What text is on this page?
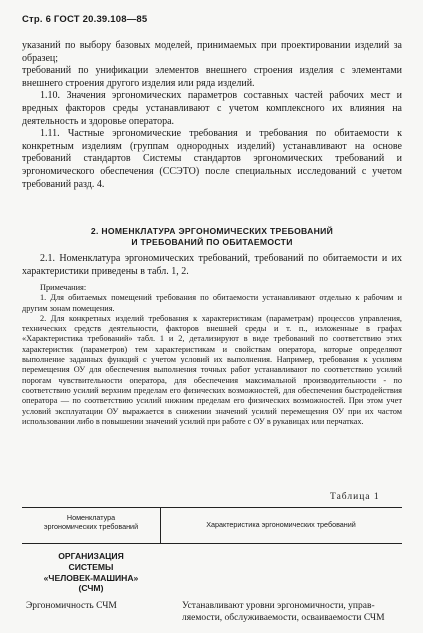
Стр. 6 ГОСТ 20.39.108—85

указаний по выбору базовых моделей, принимаемых при проектировании изделий за образец;

требований по унификации элементов внешнего строения изделия с элементами внешнего строения другого изделия или ряда изделий.

1.10. Значения эргономических параметров составных частей рабочих мест и вредных факторов среды устанавливают с учетом комплексного их влияния на деятельность и здоровье оператора.

1.11. Частные эргономические требования и требования по обитаемости к конкретным изделиям (группам однородных изделий) устанавливают на основе требований стандартов Системы стандартов эргономических требований и эргономического обеспечения (ССЭТО) после специальных исследований с учетом требований разд. 4.

2. НОМЕНКЛАТУРА ЭРГОНОМИЧЕСКИХ ТРЕБОВАНИЙ
И ТРЕБОВАНИЙ ПО ОБИТАЕМОСТИ

2.1. Номенклатура эргономических требований, требований по обитаемости и их характеристики приведены в табл. 1, 2.

Примечания:

1. Для обитаемых помещений требования по обитаемости устанавливают отдельно к рабочим и другим зонам помещения.

2. Для конкретных изделий требования к характеристикам (параметрам) процессов управления, технических средств деятельности, факторов внешней среды и т. п., изложенные в графах «Характеристика требований» табл. 1 и 2, детализируют в виде требований по соответствию этих характеристик (параметров) тем характеристикам и свойствам оператора, которые определяют выполнение заданных функций с учетом условий их выполнения. Например, требования к усилиям перемещения ОУ для обеспечения выполнения точных работ устанавливают по соответствию усилий порогам чувствительности оператора, для обеспечения максимальной производительности - по соответствию усилий верхним пределам его физических возможностей, для обеспечения быстродействия оператора — по соответствию усилий нижним пределам его физических возможностей. При этом учет условий эксплуатации ОУ выражается в снижении значений усилий перемещения ОУ при их частом использовании либо в повышении значений усилий при работе с ОУ в рукавицах или перчатках.

Таблица 1
Номенклатура
эргономических требований	Характеристика эргономических требований
ОРГАНИЗАЦИЯ
СИСТЕМЫ
«ЧЕЛОВЕК-МАШИНА»
(СЧМ)
Эргономичность СЧМ	Устанавливают уровни эргономичности, управ-
ляемости, обслуживаемости, осваиваемости СЧМ
